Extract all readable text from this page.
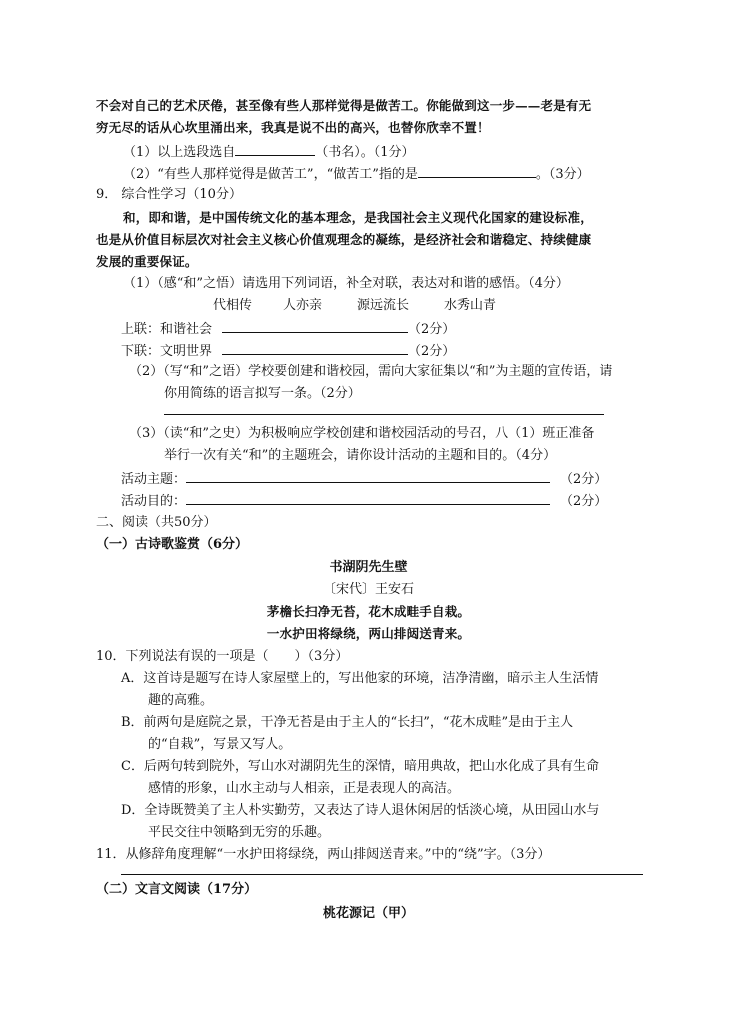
不会对自己的艺术厌倦，甚至像有些人那样觉得是做苦工。你能做到这一步——老是有无
穷无尽的话从心坎里涌出来，我真是说不出的高兴，也替你欣幸不置！
（1）以上选段选自	（书名）。（1分）
（2）“有些人那样觉得是做苦工”，“做苦工”指的是	。（3分）
9． 综合性学习（10分）
和，即和谐，是中国传统文化的基本理念，是我国社会主义现代化国家的建设标准，
也是从价值目标层次对社会主义核心价值观理念的凝练，是经济社会和谐稳定、持续健康
发展的重要保证。
（1）（感“和”之悟）请选用下列词语，补全对联，表达对和谐的感悟。（4分）
代相传 人亦亲	源远流长	水秀山青
上联：和谐社会	（2分）
下联：文明世界	（2分）
（2）（写“和”之语）学校要创建和谐校园，需向大家征集以“和”为主题的宣传语，请
你用简练的语言拟写一条。（2分）
（3）（读“和”之史）为积极响应学校创建和谐校园活动的号召，八（1）班正准备
举行一次有关“和”的主题班会，请你设计活动的主题和目的。（4分）
活动主题：	（2分）
活动目的：	（2分）
二、阅读（共50分）
（一）古诗歌鉴赏（6分）
书湖阴先生壁
〔宋代〕王安石
茅檐长扫净无苔，花木成畦手自栽。
一水护田将绿绕，两山排闼送青来。
10．下列说法有误的一项是（　　）（3分）
A．这首诗是题写在诗人家屋壁上的，写出他家的环境，洁净清幽，暗示主人生活情
趣的高雅。
B．前两句是庭院之景，干净无苔是由于主人的“长扫”，“花木成畦”是由于主人
的“自栽”，写景又写人。
C．后两句转到院外，写山水对湖阴先生的深情，暗用典故，把山水化成了具有生命
感情的形象，山水主动与人相亲，正是表现人的高洁。
D．全诗既赞美了主人朴实勤劳，又表达了诗人退休闲居的恬淡心境，从田园山水与
平民交往中领略到无穷的乐趣。
11．从修辞角度理解“一水护田将绿绕，两山排闼送青来。”中的“绕”字。（3分）
（二）文言文阅读（17分）
桃花源记（甲）
